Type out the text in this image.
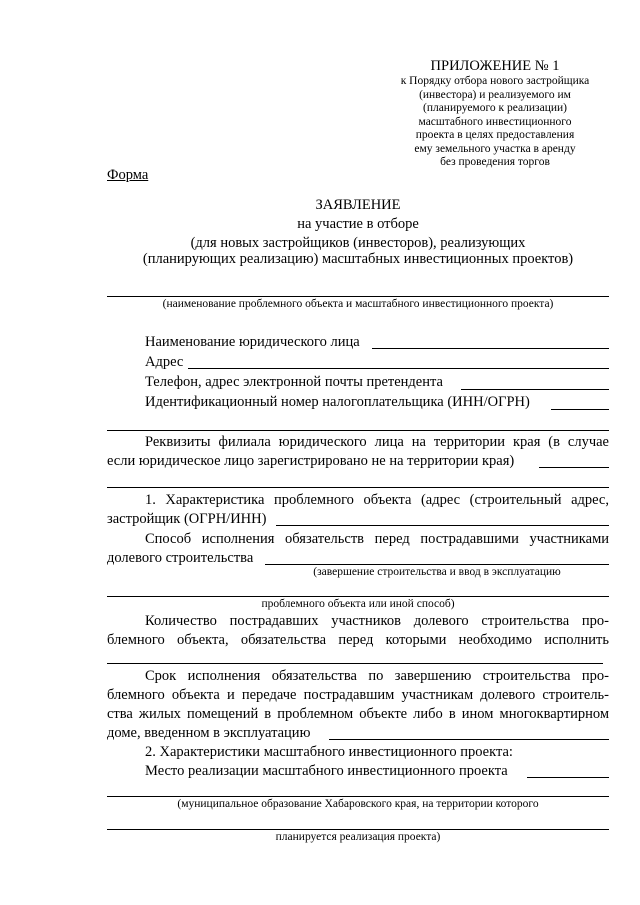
ПРИЛОЖЕНИЕ № 1
к Порядку отбора нового застройщика
(инвестора) и реализуемого им
(планируемого к реализации)
масштабного инвестиционного
проекта в целях предоставления
ему земельного участка в аренду
без проведения торгов
Форма
ЗАЯВЛЕНИЕ
на участие в отборе
(для новых застройщиков (инвесторов), реализующих
(планирующих реализацию) масштабных инвестиционных проектов)
(наименование проблемного объекта и масштабного инвестиционного проекта)
Наименование юридического лица
Адрес
Телефон, адрес электронной почты претендента
Идентификационный номер налогоплательщика (ИНН/ОГРН)
Реквизиты филиала юридического лица на территории края (в случае
если юридическое лицо зарегистрировано не на территории края)
1. Характеристика проблемного объекта (адрес (строительный адрес,
застройщик (ОГРН/ИНН)
Способ исполнения обязательств перед пострадавшими участниками
долевого строительства
(завершение строительства и ввод в эксплуатацию
проблемного объекта или иной способ)
Количество пострадавших участников долевого строительства про-
блемного объекта, обязательства перед которыми необходимо исполнить
Срок исполнения обязательства по завершению строительства про-
блемного объекта и передаче пострадавшим участникам долевого строитель-
ства жилых помещений в проблемном объекте либо в ином многоквартирном
доме, введенном в эксплуатацию
2. Характеристики масштабного инвестиционного проекта:
Место реализации масштабного инвестиционного проекта
(муниципальное образование Хабаровского края, на территории которого
планируется реализация проекта)
